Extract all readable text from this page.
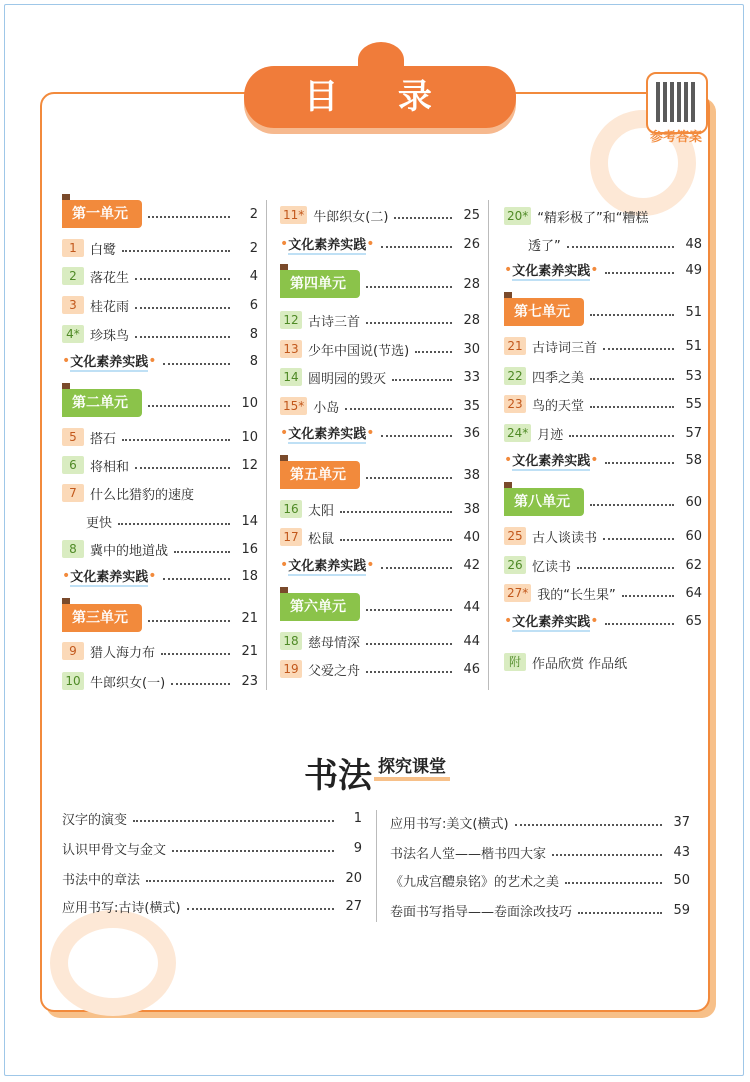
目 录
参考答案
第一单元	2
1	白鹭	2
2	落花生	4
3	桂花雨	6
4* 珍珠鸟	8
• 文化素养实践 •	8
第二单元	10
5	搭石	10
6	将相和	12
7	什么比猎豹的速度
更快	14
8	冀中的地道战	16
• 文化素养实践 •	18
第三单元	21
9	猎人海力布	21
10 牛郎织女(一)	23
11* 牛郎织女(二)	25
• 文化素养实践 •	26
第四单元	28
12 古诗三首	28
13 少年中国说(节选)	30
14 圆明园的毁灭	33
15* 小岛	35
• 文化素养实践 •	36
第五单元	38
16 太阳	38
17 松鼠	40
• 文化素养实践 •	42
第六单元	44
18 慈母情深	44
19 父爱之舟	46
20* “精彩极了”和“糟糕
透了”	48
• 文化素养实践 •	49
第七单元	51
21 古诗词三首	51
22 四季之美	53
23 鸟的天堂	55
24* 月迹	57
• 文化素养实践 •	58
第八单元	60
25 古人谈读书	60
26 忆读书	62
27* 我的“长生果”	64
• 文化素养实践 •	65
附 作品欣赏 作品纸
书法 探究课堂
汉字的演变	1
认识甲骨文与金文	9
书法中的章法	20
应用书写:古诗(横式)	27
应用书写:美文(横式)	37
书法名人堂——楷书四大家	43
《九成宫醴泉铭》的艺术之美	50
卷面书写指导——卷面涂改技巧	59
